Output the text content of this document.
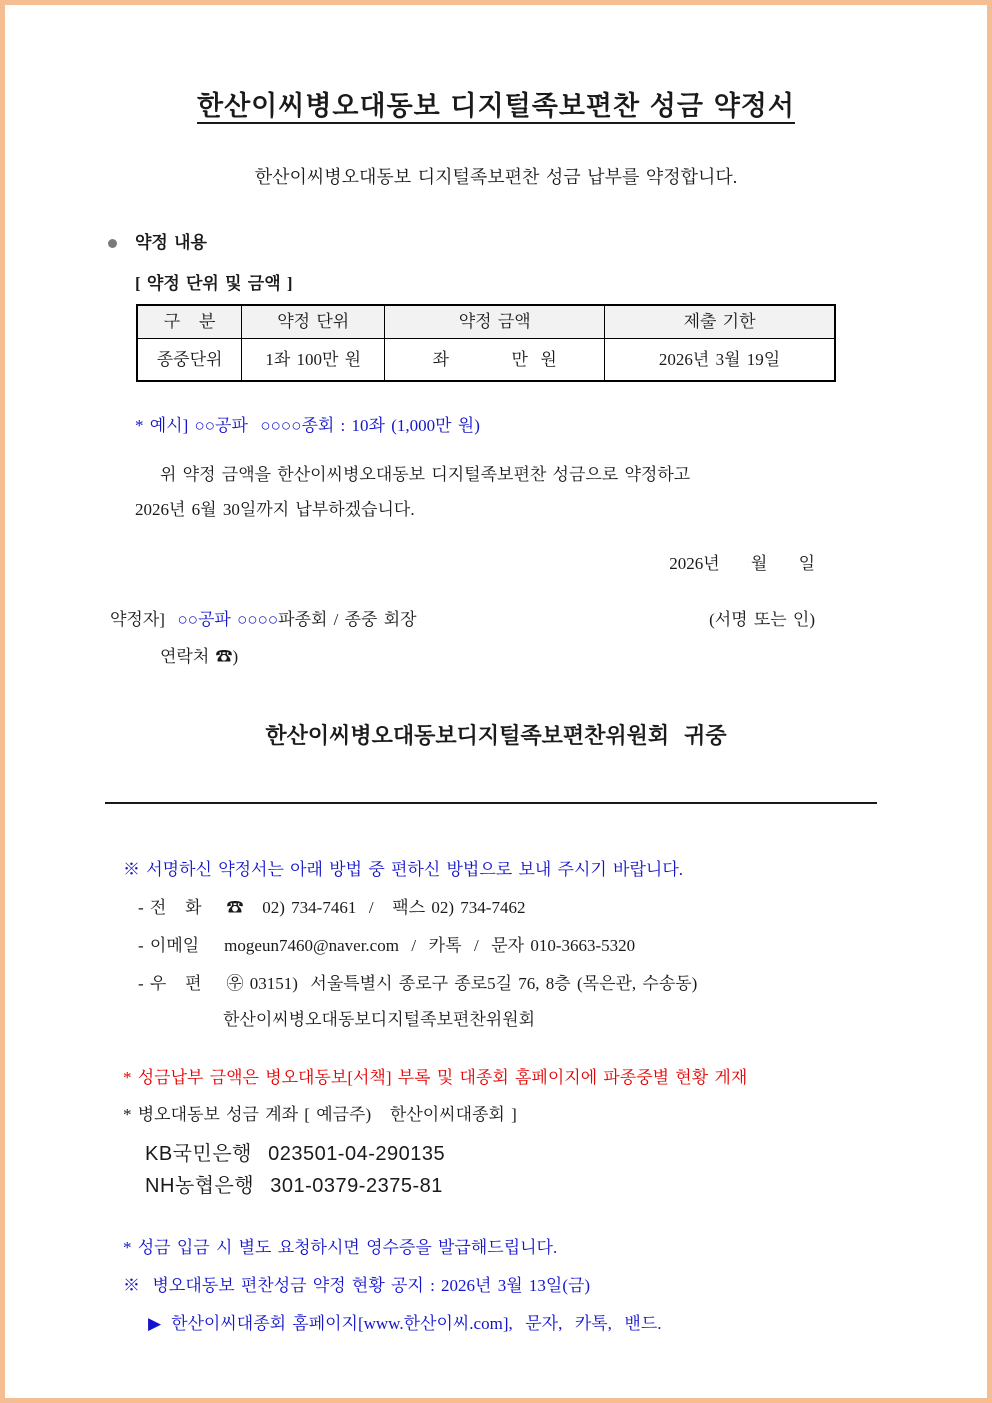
한산이씨병오대동보 디지털족보편찬 성금 약정서
한산이씨병오대동보 디지털족보편찬 성금 납부를 약정합니다.
약정 내용
[ 약정 단위 및 금액 ]
구   분	약정 단위	약정 금액	제출 기한
종중단위	1좌 100만 원	좌          만  원	2026년 3월 19일
* 예시] ○○공파  ○○○○종회 : 10좌 (1,000만 원)
위 약정 금액을 한산이씨병오대동보 디지털족보편찬 성금으로 약정하고
2026년 6월 30일까지 납부하겠습니다.
2026년     월     일
약정자]  ○○공파 ○○○○파종회 / 종중 회장	(서명 또는 인)
연락처 ☎)
한산이씨병오대동보디지털족보편찬위원회  귀중
※ 서명하신 약정서는 아래 방법 중 편하신 방법으로 보내 주시기 바랍니다.
- 전   화    ☎   02) 734-7461  /   팩스 02) 734-7462
- 이메일    mogeun7460@naver.com  /  카톡  /  문자 010-3663-5320
- 우   편    ㉾ 03151)  서울특별시 종로구 종로5길 76, 8층 (목은관, 수송동)
한산이씨병오대동보디지털족보편찬위원회
* 성금납부 금액은 병오대동보[서책] 부록 및 대종회 홈페이지에 파종중별 현황 게재
* 병오대동보 성금 계좌 [ 예금주)   한산이씨대종회 ]
KB국민은행  023501-04-290135
NH농협은행  301-0379-2375-81
* 성금 입금 시 별도 요청하시면 영수증을 발급해드립니다.
※  병오대동보 편찬성금 약정 현황 공지 : 2026년 3월 13일(금)
▶ 한산이씨대종회 홈페이지[www.한산이씨.com],  문자,  카톡,  밴드.
